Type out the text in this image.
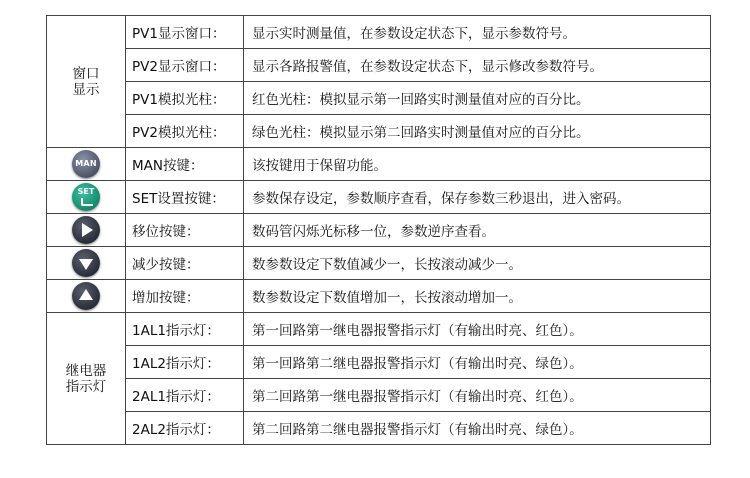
窗口
显示	PV1显示窗口：	显示实时测量值，在参数设定状态下，显示参数符号。
	PV2显示窗口：	显示各路报警值，在参数设定状态下，显示修改参数符号。
	PV1模拟光柱：	红色光柱：模拟显示第一回路实时测量值对应的百分比。
	PV2模拟光柱：	绿色光柱：模拟显示第二回路实时测量值对应的百分比。

MAN	MAN按键：	该按键用于保留功能。

SET	SET设置按键：	参数保存设定，参数顺序查看，保存参数三秒退出，进入密码。

	移位按键：	数码管闪烁光标移一位，参数逆序查看。

	减少按键：	数参数设定下数值减少一，长按滚动减少一。

	增加按键：	数参数设定下数值增加一，长按滚动增加一。

继电器
指示灯	1AL1指示灯：	第一回路第一继电器报警指示灯（有输出时亮、红色）。
	1AL2指示灯：	第一回路第二继电器报警指示灯（有输出时亮、绿色）。
	2AL1指示灯：	第二回路第一继电器报警指示灯（有输出时亮、红色）。
	2AL2指示灯：	第二回路第二继电器报警指示灯（有输出时亮、绿色）。
